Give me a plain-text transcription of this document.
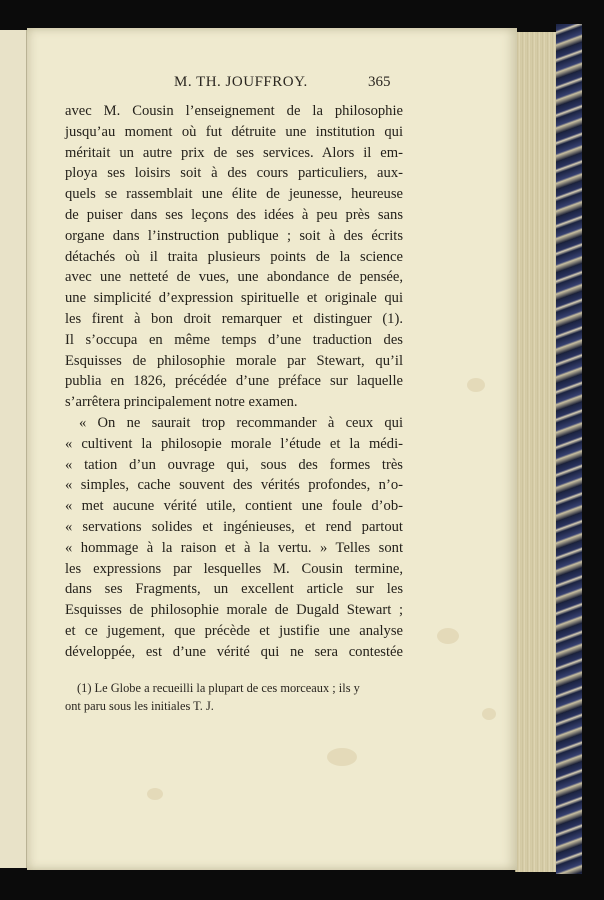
M. TH. JOUFFROY.	365
avec M. Cousin l’enseignement de la philosophie
jusqu’au moment où fut détruite une institution qui
méritait un autre prix de ses services. Alors il em-
ploya ses loisirs soit à des cours particuliers, aux-
quels se rassemblait une élite de jeunesse, heureuse
de puiser dans ses leçons des idées à peu près sans
organe dans l’instruction publique ; soit à des écrits
détachés où il traita plusieurs points de la science
avec une netteté de vues, une abondance de pensée,
une simplicité d’expression spirituelle et originale qui
les firent à bon droit remarquer et distinguer (1).
Il s’occupa en même temps d’une traduction des
Esquisses de philosophie morale par Stewart, qu’il
publia en 1826, précédée d’une préface sur laquelle
s’arrêtera principalement notre examen.
« On ne saurait trop recommander à ceux qui
« cultivent la philosopie morale l’étude et la médi-
« tation d’un ouvrage qui, sous des formes très
« simples, cache souvent des vérités profondes, n’o-
« met aucune vérité utile, contient une foule d’ob-
« servations solides et ingénieuses, et rend partout
« hommage à la raison et à la vertu. » Telles sont
les expressions par lesquelles M. Cousin termine,
dans ses Fragments, un excellent article sur les
Esquisses de philosophie morale de Dugald Stewart ;
et ce jugement, que précède et justifie une analyse
développée, est d’une vérité qui ne sera contestée
(1) Le Globe a recueilli la plupart de ces morceaux ; ils y
ont paru sous les initiales T. J.
